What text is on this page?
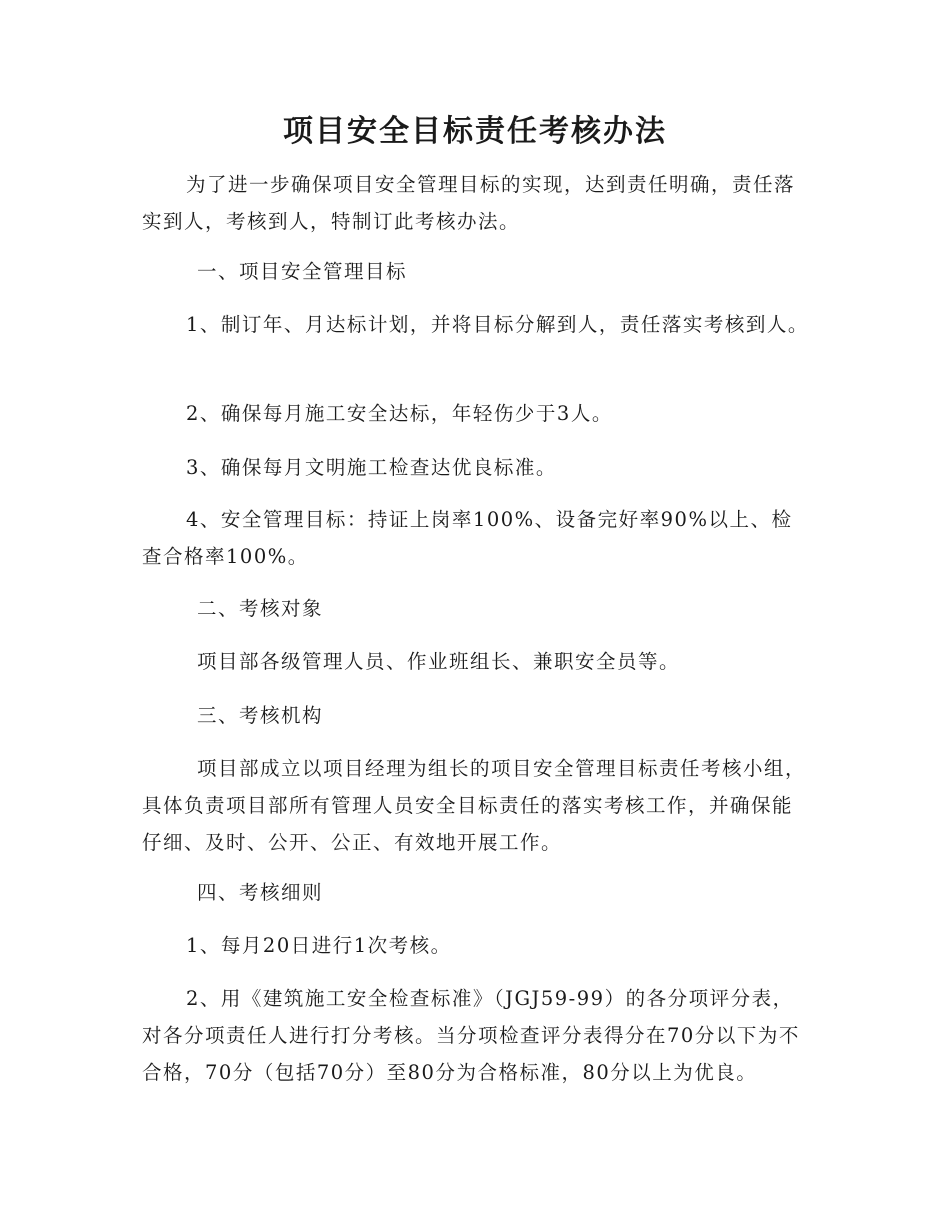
项目安全目标责任考核办法

为了进一步确保项目安全管理目标的实现，达到责任明确，责任落实到人，考核到人，特制订此考核办法。

一、项目安全管理目标

1、制订年、月达标计划，并将目标分解到人，责任落实考核到人。

2、确保每月施工安全达标，年轻伤少于3人。

3、确保每月文明施工检查达优良标准。

4、安全管理目标：持证上岗率100%、设备完好率90%以上、检查合格率100%。

二、考核对象

项目部各级管理人员、作业班组长、兼职安全员等。

三、考核机构

项目部成立以项目经理为组长的项目安全管理目标责任考核小组，具体负责项目部所有管理人员安全目标责任的落实考核工作，并确保能仔细、及时、公开、公正、有效地开展工作。

四、考核细则

1、每月20日进行1次考核。

2、用《建筑施工安全检查标准》（JGJ59-99）的各分项评分表，对各分项责任人进行打分考核。当分项检查评分表得分在70分以下为不合格，70分（包括70分）至80分为合格标准，80分以上为优良。
